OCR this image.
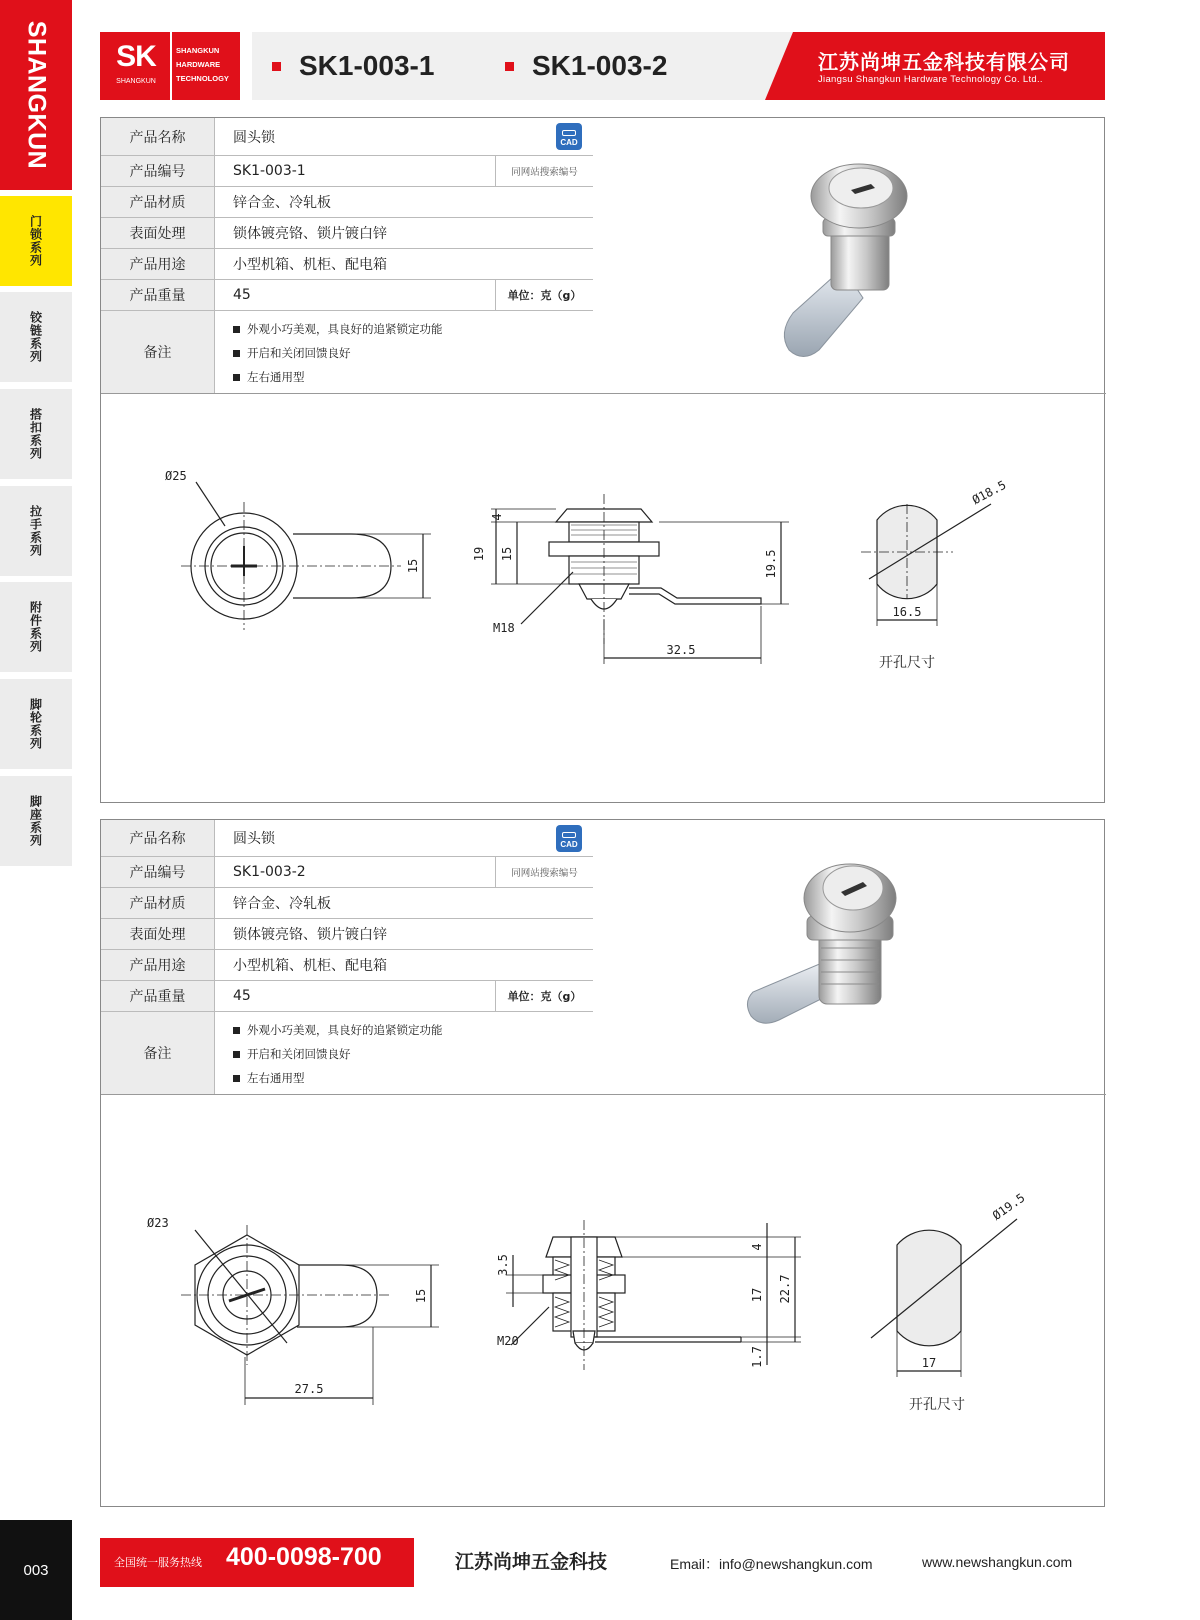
SHANGKUN
门锁系列
铰链系列
搭扣系列
拉手系列
附件系列
脚轮系列
脚座系列
003
SK
SHANGKUN
SHANGKUN
HARDWARE
TECHNOLOGY	SK1-003-1	SK1-003-2	江苏尚坤五金科技有限公司
Jiangsu Shangkun Hardware Technology Co. Ltd..
产品名称	圆头锁	CAD
产品编号	SK1-003-1	同网站搜索编号
产品材质	锌合金、冷轧板
表面处理	锁体镀亮铬、锁片镀白锌
产品用途	小型机箱、机柜、配电箱
产品重量	45	单位：克（g）
备注
外观小巧美观，具良好的追紧锁定功能
开启和关闭回馈良好
左右通用型
Ø25
15
4
19 15	19.5
M18
32.5
Ø18.5
16.5
开孔尺寸
产品名称	圆头锁	CAD
产品编号	SK1-003-2	同网站搜索编号
产品材质	锌合金、冷轧板
表面处理	锁体镀亮铬、锁片镀白锌
产品用途	小型机箱、机柜、配电箱
产品重量	45	单位：克（g）
备注
外观小巧美观，具良好的追紧锁定功能
开启和关闭回馈良好
左右通用型
Ø23
15
27.5
3.5
4
17 22.7
1.7
M20
Ø19.5
17
开孔尺寸
全国统一服务热线 400-0098-700	江苏尚坤五金科技	Email：info@newshangkun.com	www.newshangkun.com
